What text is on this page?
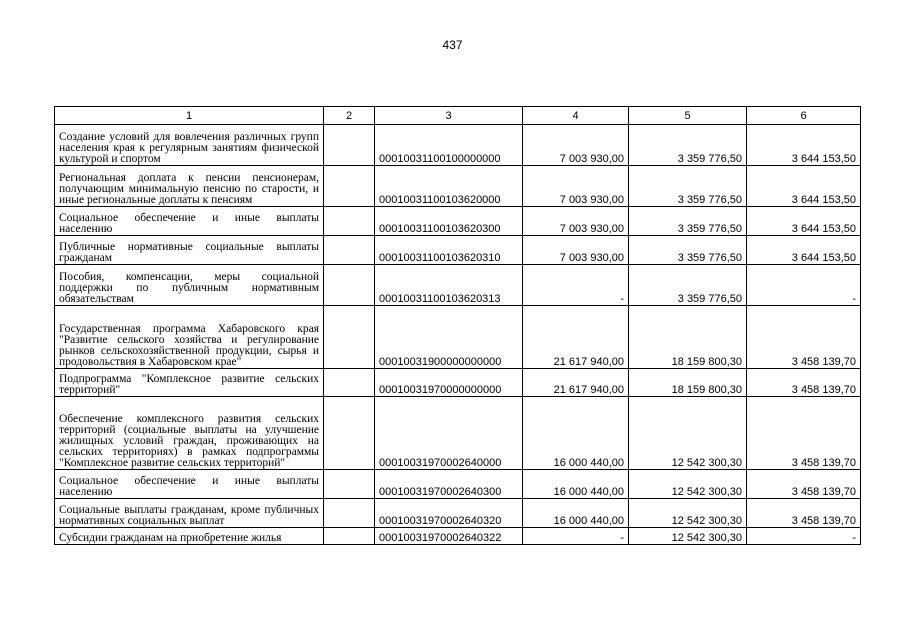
437
1	2	3	4	5	6
Создание условий для вовлечения различных групп населения края к регулярным занятиям физической культурой и спортом		00010031100100000000	7 003 930,00	3 359 776,50	3 644 153,50
Региональная доплата к пенсии пенсионерам, получающим минимальную пенсию по старости, и иные региональные доплаты к пенсиям		00010031100103620000	7 003 930,00	3 359 776,50	3 644 153,50
Социальное обеспечение и иные выплаты населению		00010031100103620300	7 003 930,00	3 359 776,50	3 644 153,50
Публичные нормативные социальные выплаты гражданам		00010031100103620310	7 003 930,00	3 359 776,50	3 644 153,50
Пособия, компенсации, меры социальной поддержки по публичным нормативным обязательствам		00010031100103620313	-	3 359 776,50	-
Государственная программа Хабаровского края "Развитие сельского хозяйства и регулирование рынков сельскохозяйственной продукции, сырья и продовольствия в Хабаровском крае"		00010031900000000000	21 617 940,00	18 159 800,30	3 458 139,70
Подпрограмма "Комплексное развитие сельских территорий"		00010031970000000000	21 617 940,00	18 159 800,30	3 458 139,70
Обеспечение комплексного развития сельских территорий (социальные выплаты на улучшение жилищных условий граждан, проживающих на сельских территориях) в рамках подпрограммы "Комплексное развитие сельских территорий"		00010031970002640000	16 000 440,00	12 542 300,30	3 458 139,70
Социальное обеспечение и иные выплаты населению		00010031970002640300	16 000 440,00	12 542 300,30	3 458 139,70
Социальные выплаты гражданам, кроме публичных нормативных социальных выплат		00010031970002640320	16 000 440,00	12 542 300,30	3 458 139,70
Субсидии гражданам на приобретение жилья		00010031970002640322	-	12 542 300,30	-
